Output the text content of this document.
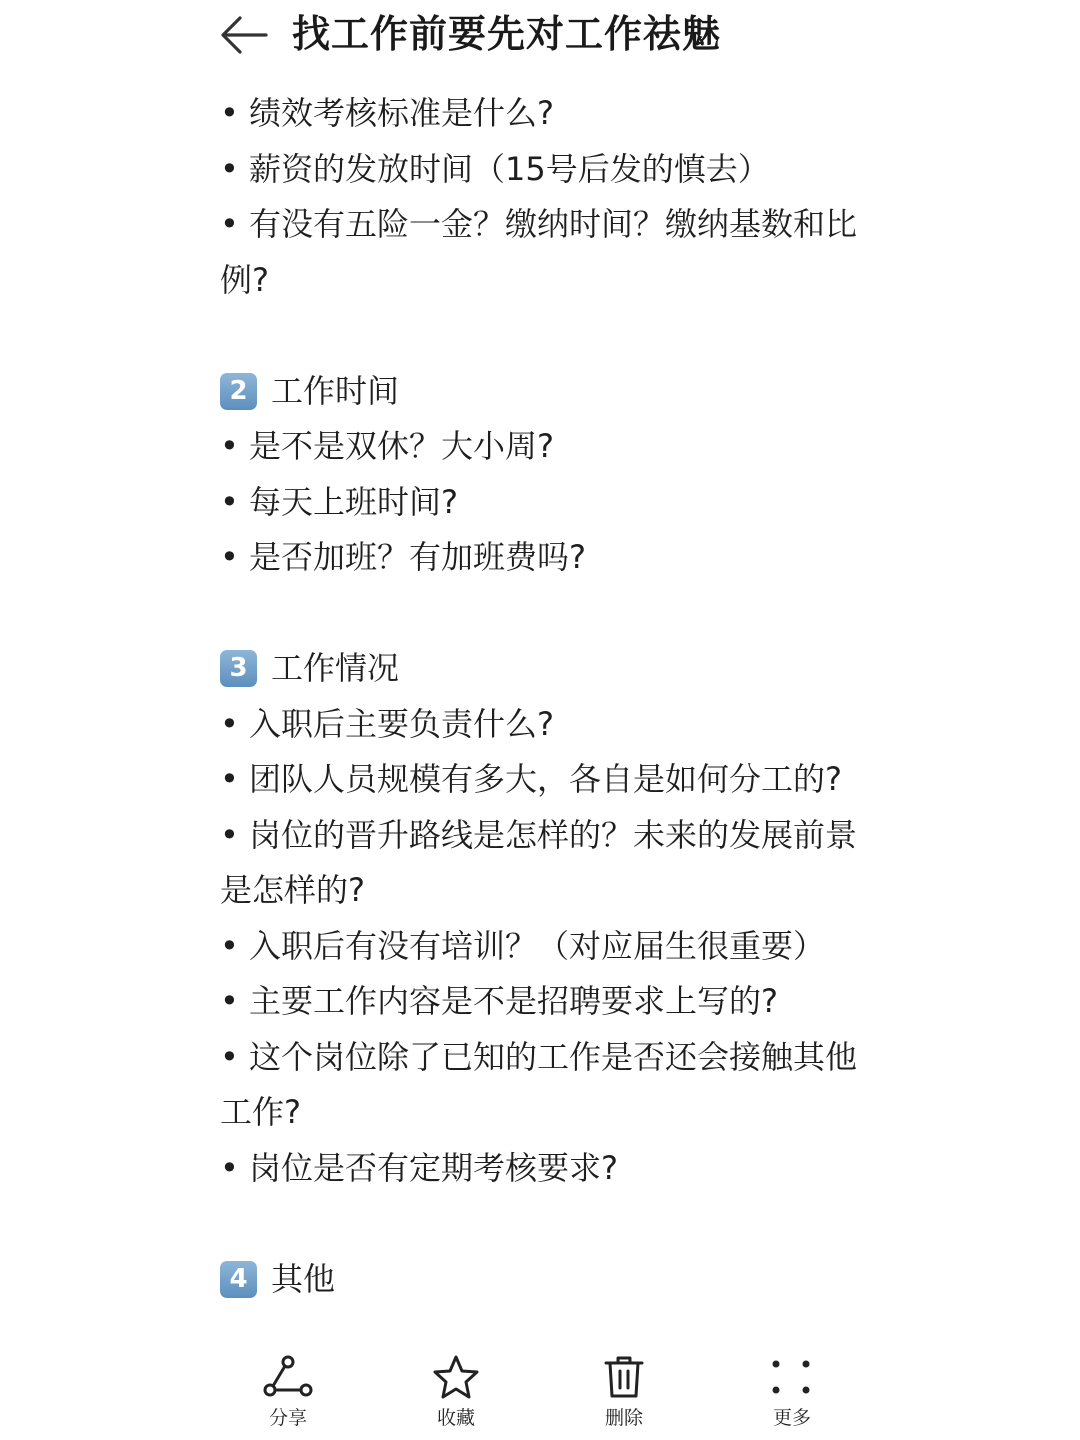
找工作前要先对工作祛魅

• 绩效考核标准是什么?

• 薪资的发放时间（15号后发的慎去）

• 有没有五险一金？缴纳时间？缴纳基数和比例?

2 工作时间

• 是不是双休？大小周?

• 每天上班时间?

• 是否加班？有加班费吗?

3 工作情况

• 入职后主要负责什么?

• 团队人员规模有多大，各自是如何分工的?

• 岗位的晋升路线是怎样的？未来的发展前景是怎样的?

• 入职后有没有培训？（对应届生很重要）

• 主要工作内容是不是招聘要求上写的?

• 这个岗位除了已知的工作是否还会接触其他工作?

• 岗位是否有定期考核要求?

4 其他
分享	收藏	删除	更多
